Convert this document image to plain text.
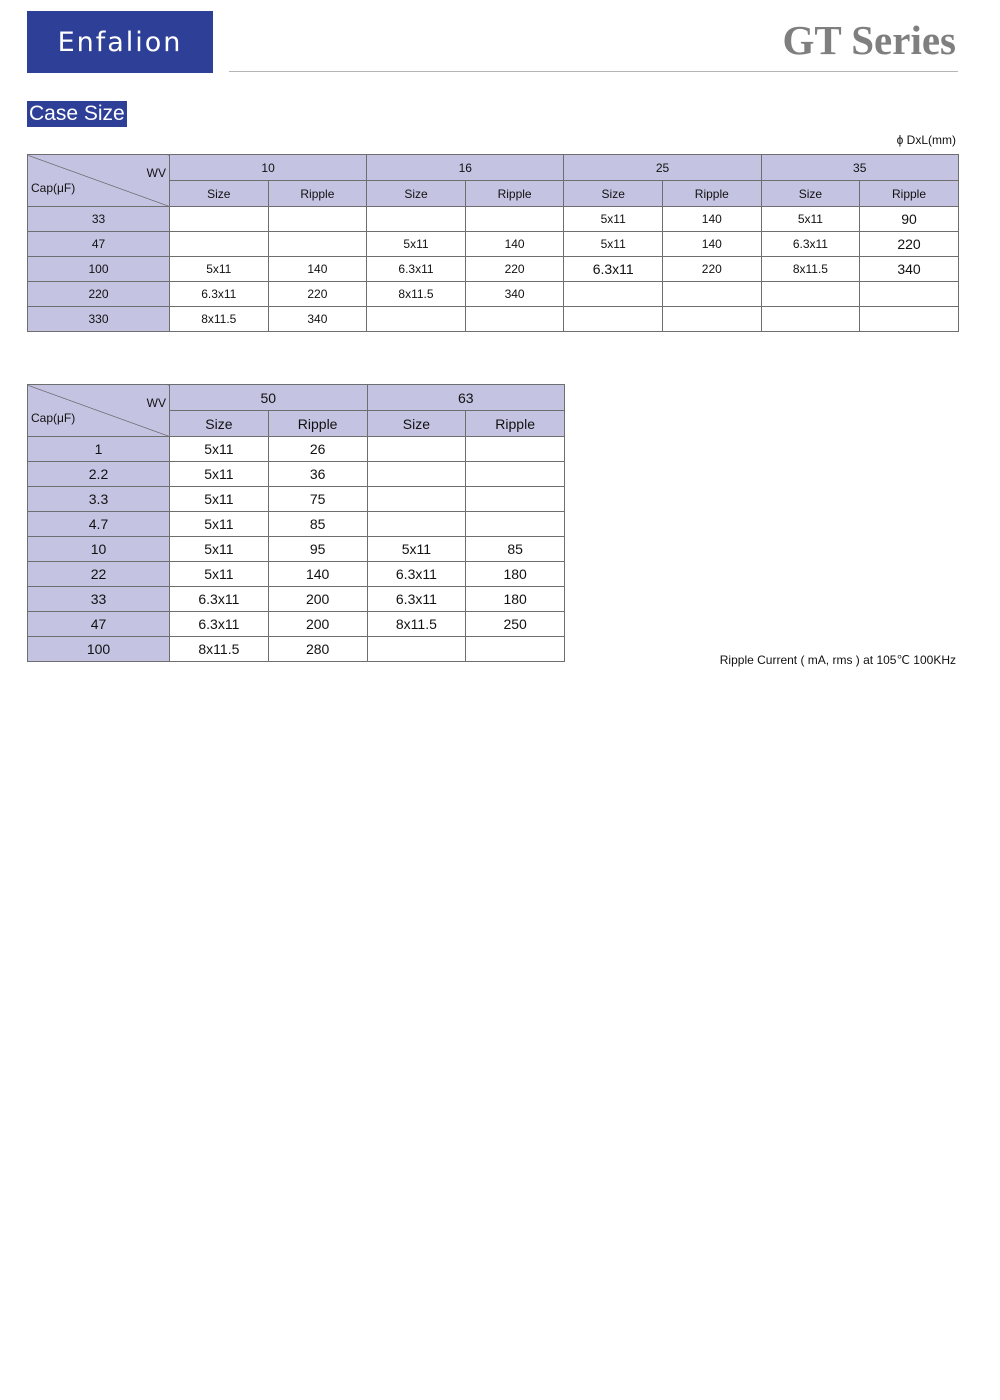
Enfalion	GT Series
Case Size
ϕ DxL(mm)
WV
Cap(μF)	10		16		25		35	
	Size	Ripple	Size	Ripple	Size	Ripple	Size	Ripple
33					5x11	140	5x11	90
47			5x11	140	5x11	140	6.3x11	220
100	5x11	140	6.3x11	220	6.3x11	220	8x11.5	340
220	6.3x11	220	8x11.5	340				
330	8x11.5	340						
WV
Cap(μF)	50		63	
	Size	Ripple	Size	Ripple
1	5x11	26		
2.2	5x11	36		
3.3	5x11	75		
4.7	5x11	85		
10	5x11	95	5x11	85
22	5x11	140	6.3x11	180
33	6.3x11	200	6.3x11	180
47	6.3x11	200	8x11.5	250
100	8x11.5	280		
Ripple Current ( mA, rms ) at 105℃ 100KHz
